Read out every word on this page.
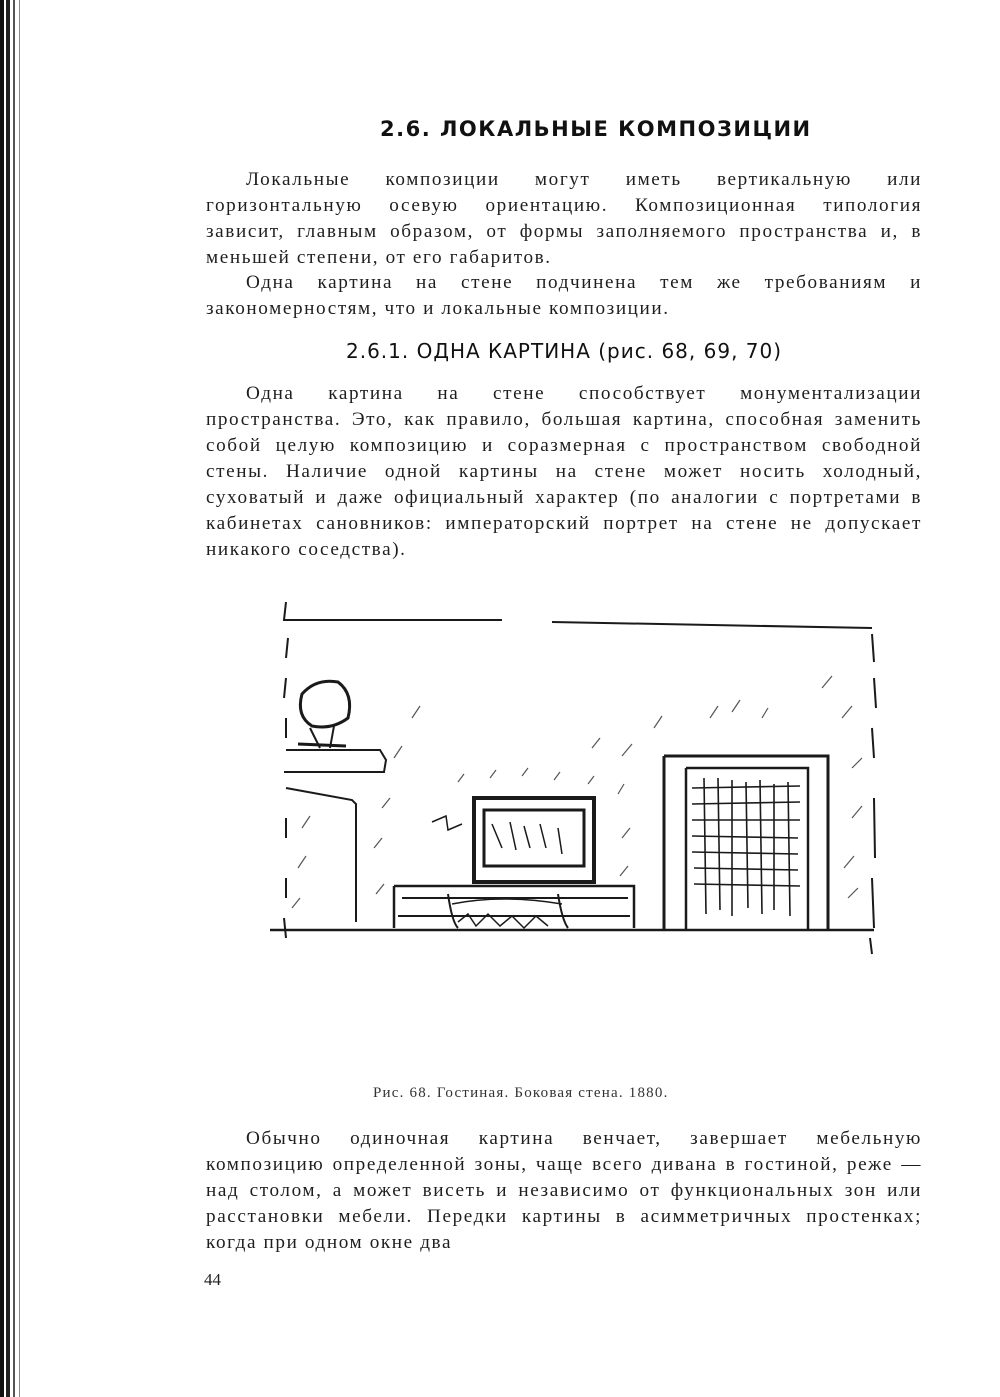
2.6. ЛОКАЛЬНЫЕ КОМПОЗИЦИИ

Локальные композиции могут иметь вертикальную или горизонтальную осевую ориентацию. Композиционная типология зависит, главным образом, от формы заполняемого пространства и, в меньшей степени, от его габаритов.

Одна картина на стене подчинена тем же требованиям и закономерностям, что и локальные композиции.

2.6.1. ОДНА КАРТИНА (рис. 68, 69, 70)

Одна картина на стене способствует монументализации пространства. Это, как правило, большая картина, способная заменить собой целую композицию и соразмерная с пространством свободной стены. Наличие одной картины на стене может носить холодный, суховатый и даже официальный характер (по аналогии с портретами в кабинетах сановников: императорский портрет на стене не допускает никакого соседства).

Рис. 68. Гостиная. Боковая стена. 1880.

Обычно одиночная картина венчает, завершает мебельную композицию определенной зоны, чаще всего дивана в гостиной, реже — над столом, а может висеть и независимо от функциональных зон или расстановки мебели. Передки картины в асимметричных простенках; когда при одном окне два

44
